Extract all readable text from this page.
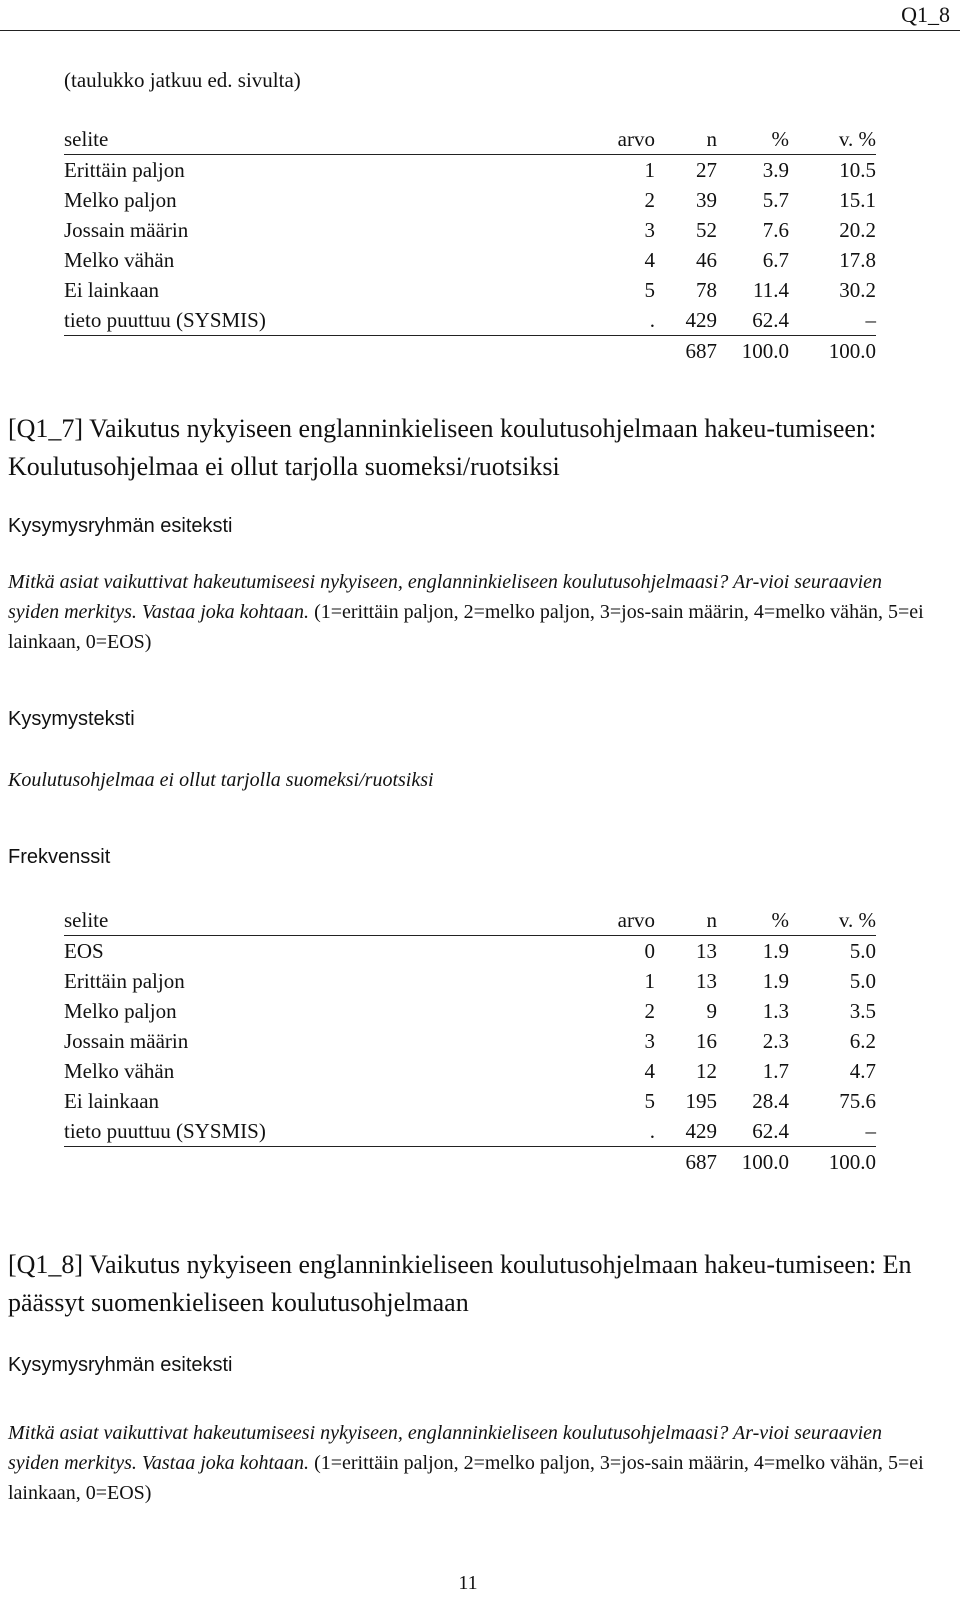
Q1_8
(taulukko jatkuu ed. sivulta)
selite	arvo	n	%	v. %
Erittäin paljon	1	27	3.9	10.5
Melko paljon	2	39	5.7	15.1
Jossain määrin	3	52	7.6	20.2
Melko vähän	4	46	6.7	17.8
Ei lainkaan	5	78	11.4	30.2
tieto puuttuu (SYSMIS)	.	429	62.4	–
		687	100.0	100.0
[Q1_7] Vaikutus nykyiseen englanninkieliseen koulutusohjelmaan hakeu-tumiseen: Koulutusohjelmaa ei ollut tarjolla suomeksi/ruotsiksi
Kysymysryhmän esiteksti
Mitkä asiat vaikuttivat hakeutumiseesi nykyiseen, englanninkieliseen koulutusohjelmaasi? Ar-vioi seuraavien syiden merkitys. Vastaa joka kohtaan. (1=erittäin paljon, 2=melko paljon, 3=jos-sain määrin, 4=melko vähän, 5=ei lainkaan, 0=EOS)
Kysymysteksti
Koulutusohjelmaa ei ollut tarjolla suomeksi/ruotsiksi
Frekvenssit
selite	arvo	n	%	v. %
EOS	0	13	1.9	5.0
Erittäin paljon	1	13	1.9	5.0
Melko paljon	2	9	1.3	3.5
Jossain määrin	3	16	2.3	6.2
Melko vähän	4	12	1.7	4.7
Ei lainkaan	5	195	28.4	75.6
tieto puuttuu (SYSMIS)	.	429	62.4	–
		687	100.0	100.0
[Q1_8] Vaikutus nykyiseen englanninkieliseen koulutusohjelmaan hakeu-tumiseen: En päässyt suomenkieliseen koulutusohjelmaan
Kysymysryhmän esiteksti
Mitkä asiat vaikuttivat hakeutumiseesi nykyiseen, englanninkieliseen koulutusohjelmaasi? Ar-vioi seuraavien syiden merkitys. Vastaa joka kohtaan. (1=erittäin paljon, 2=melko paljon, 3=jos-sain määrin, 4=melko vähän, 5=ei lainkaan, 0=EOS)
11
